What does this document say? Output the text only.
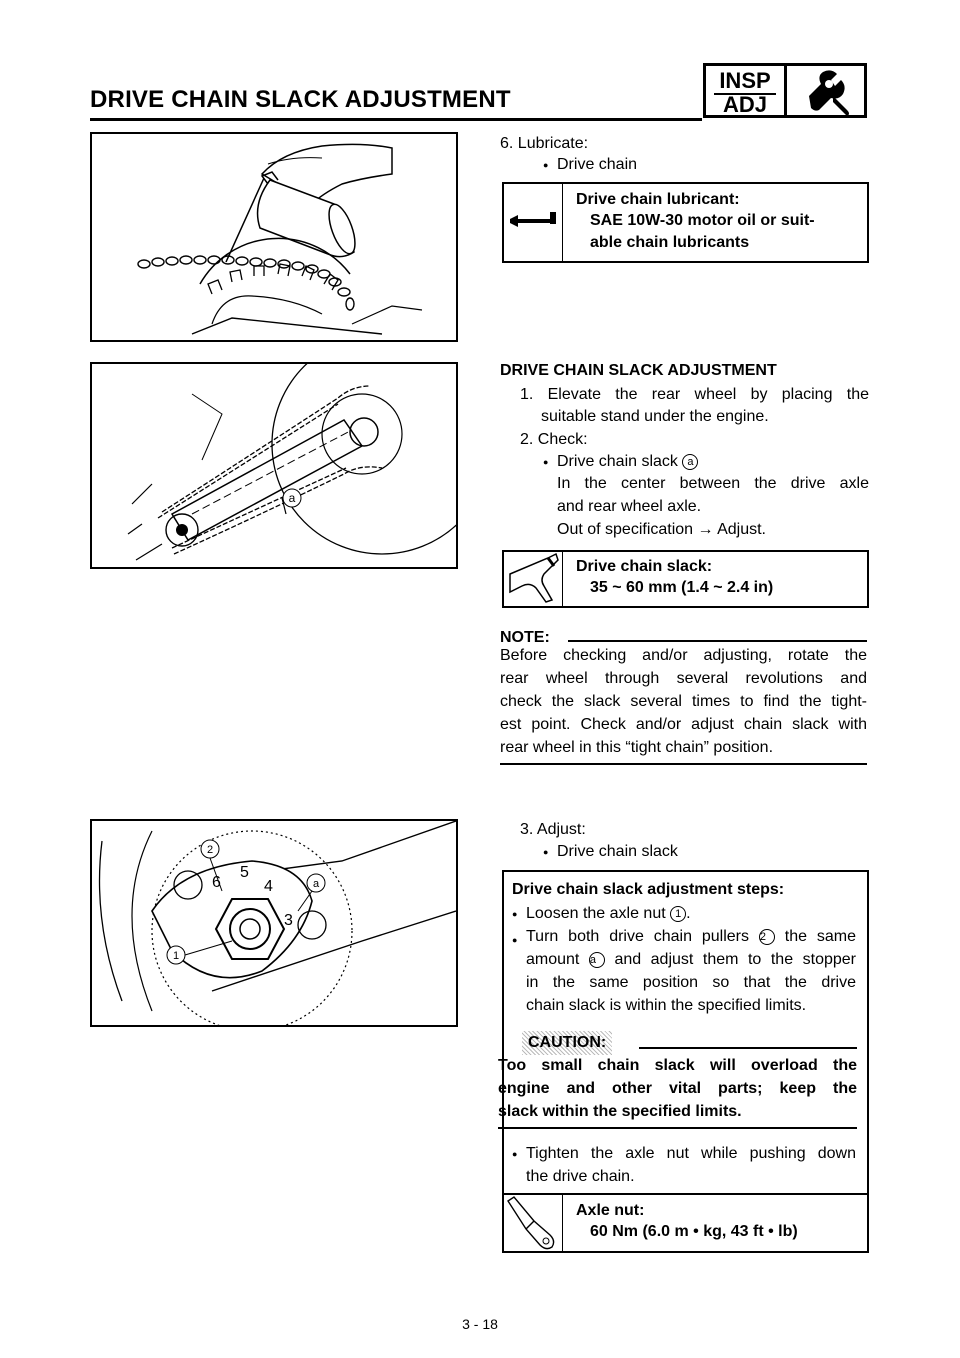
DRIVE CHAIN SLACK ADJUSTMENT
INSP
ADJ
6. Lubricate:
● Drive chain
Drive chain lubricant:
SAE 10W-30 motor oil or suit-
able chain lubricants
a
DRIVE CHAIN SLACK ADJUSTMENT
1. Elevate the rear wheel by placing the
suitable stand under the engine.
2. Check:
● Drive chain slack a
In the center between the drive axle
and rear wheel axle.
Out of specification → Adjust.
Drive chain slack:
35 ~ 60 mm (1.4 ~ 2.4 in)
NOTE:
Before checking and/or adjusting, rotate the
rear wheel through several revolutions and
check the slack several times to find the tight-
est point. Check and/or adjust chain slack with
rear wheel in this “tight chain” position.
6
5
4
3
2
1
a
3. Adjust:
● Drive chain slack
Drive chain slack adjustment steps:
● Loosen the axle nut 1 .
Turn both drive chain pullers 2 the same
amount a and adjust them to the stopper
in the same position so that the drive
chain slack is within the specified limits.
CAUTION:
Too small chain slack will overload the
engine and other vital parts; keep the
slack within the specified limits.
● Tighten the axle nut while pushing down
the drive chain.
Axle nut:
60 Nm (6.0 m • kg, 43 ft • lb)
3 - 18
